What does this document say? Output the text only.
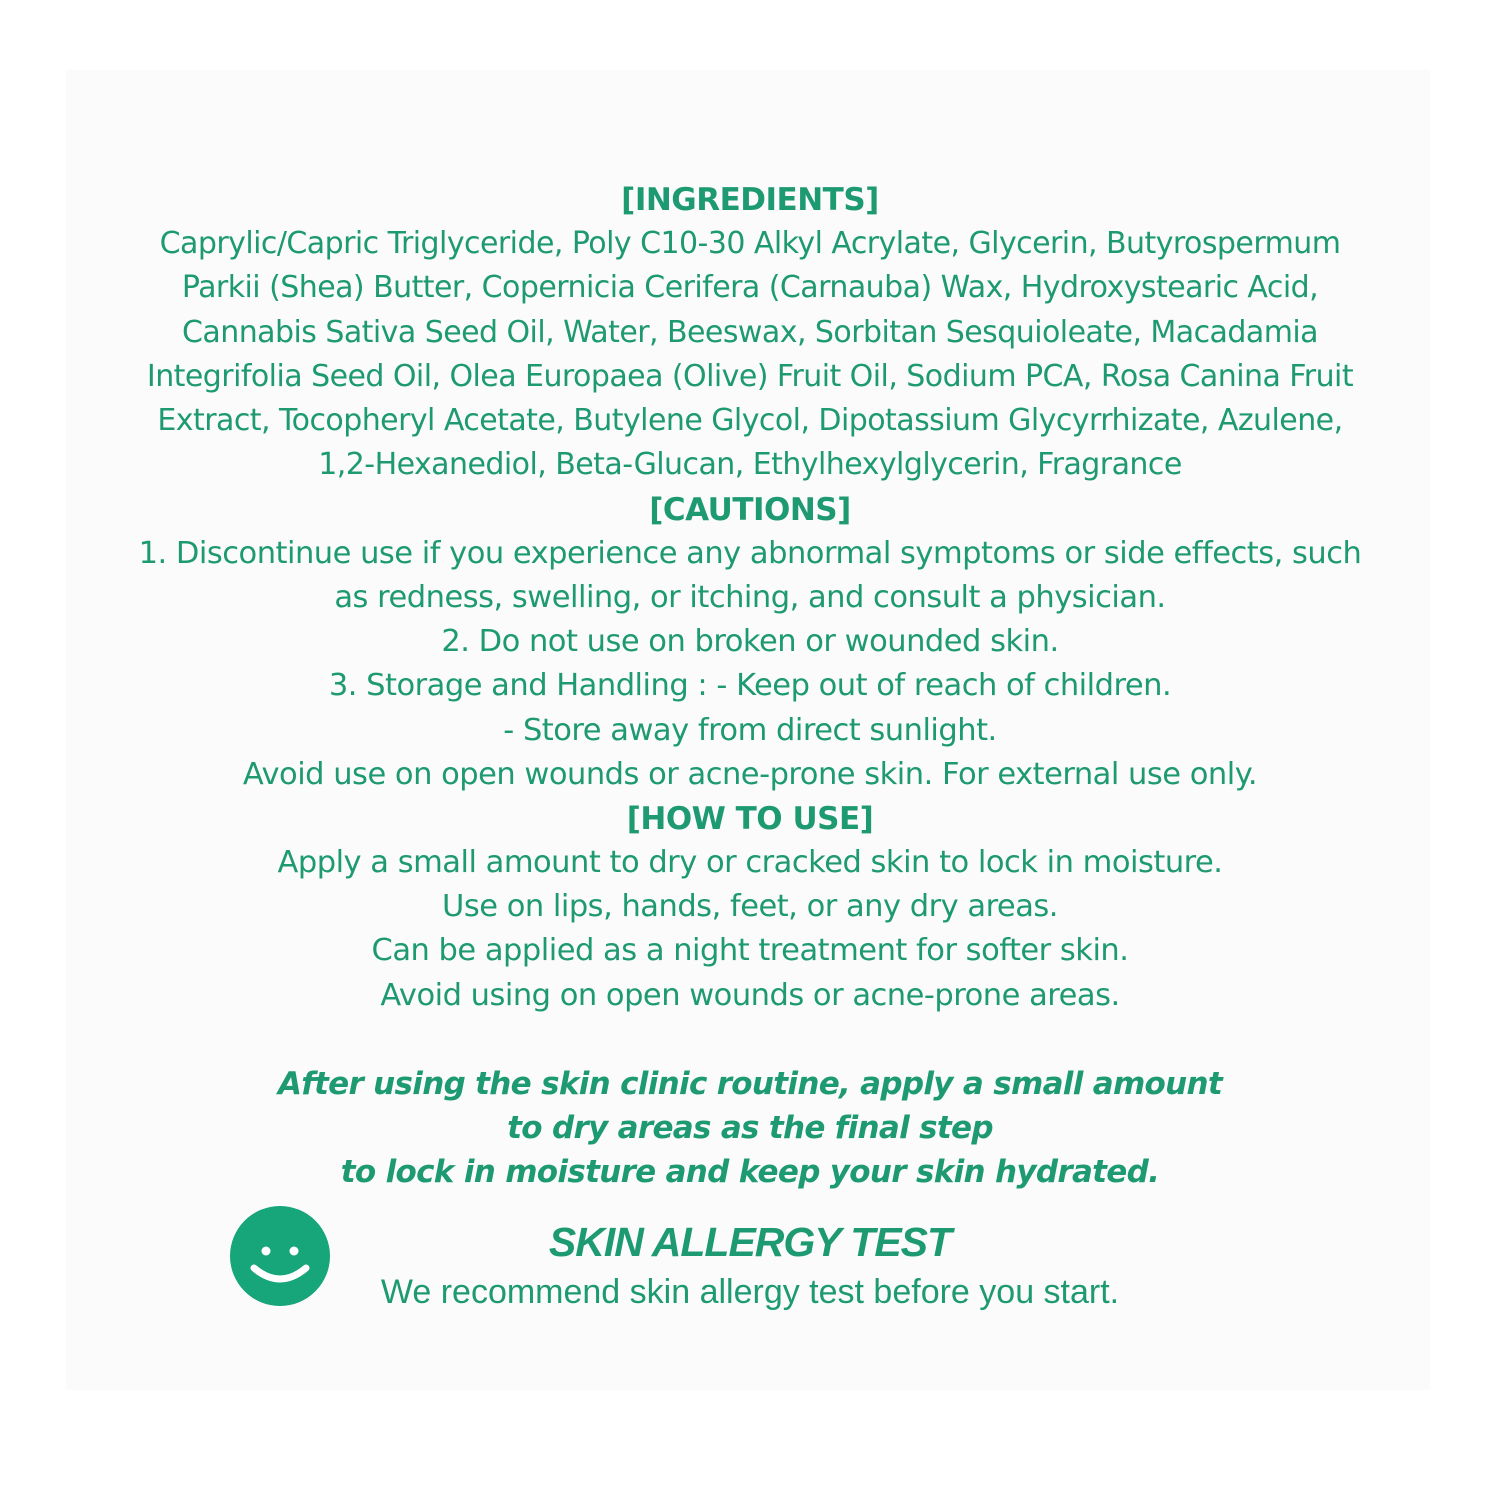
[INGREDIENTS]
Caprylic/Capric Triglyceride, Poly C10-30 Alkyl Acrylate, Glycerin, Butyrospermum
Parkii (Shea) Butter, Copernicia Cerifera (Carnauba) Wax, Hydroxystearic Acid,
Cannabis Sativa Seed Oil, Water, Beeswax, Sorbitan Sesquioleate, Macadamia
Integrifolia Seed Oil, Olea Europaea (Olive) Fruit Oil, Sodium PCA, Rosa Canina Fruit
Extract, Tocopheryl Acetate, Butylene Glycol, Dipotassium Glycyrrhizate, Azulene,
1,2-Hexanediol, Beta-Glucan, Ethylhexylglycerin, Fragrance
[CAUTIONS]
1. Discontinue use if you experience any abnormal symptoms or side effects, such
as redness, swelling, or itching, and consult a physician.
2. Do not use on broken or wounded skin.
3. Storage and Handling : - Keep out of reach of children.
- Store away from direct sunlight.
Avoid use on open wounds or acne-prone skin. For external use only.
[HOW TO USE]
Apply a small amount to dry or cracked skin to lock in moisture.
Use on lips, hands, feet, or any dry areas.
Can be applied as a night treatment for softer skin.
Avoid using on open wounds or acne-prone areas.
After using the skin clinic routine, apply a small amount
to dry areas as the final step
to lock in moisture and keep your skin hydrated.
SKIN ALLERGY TEST
We recommend skin allergy test before you start.
